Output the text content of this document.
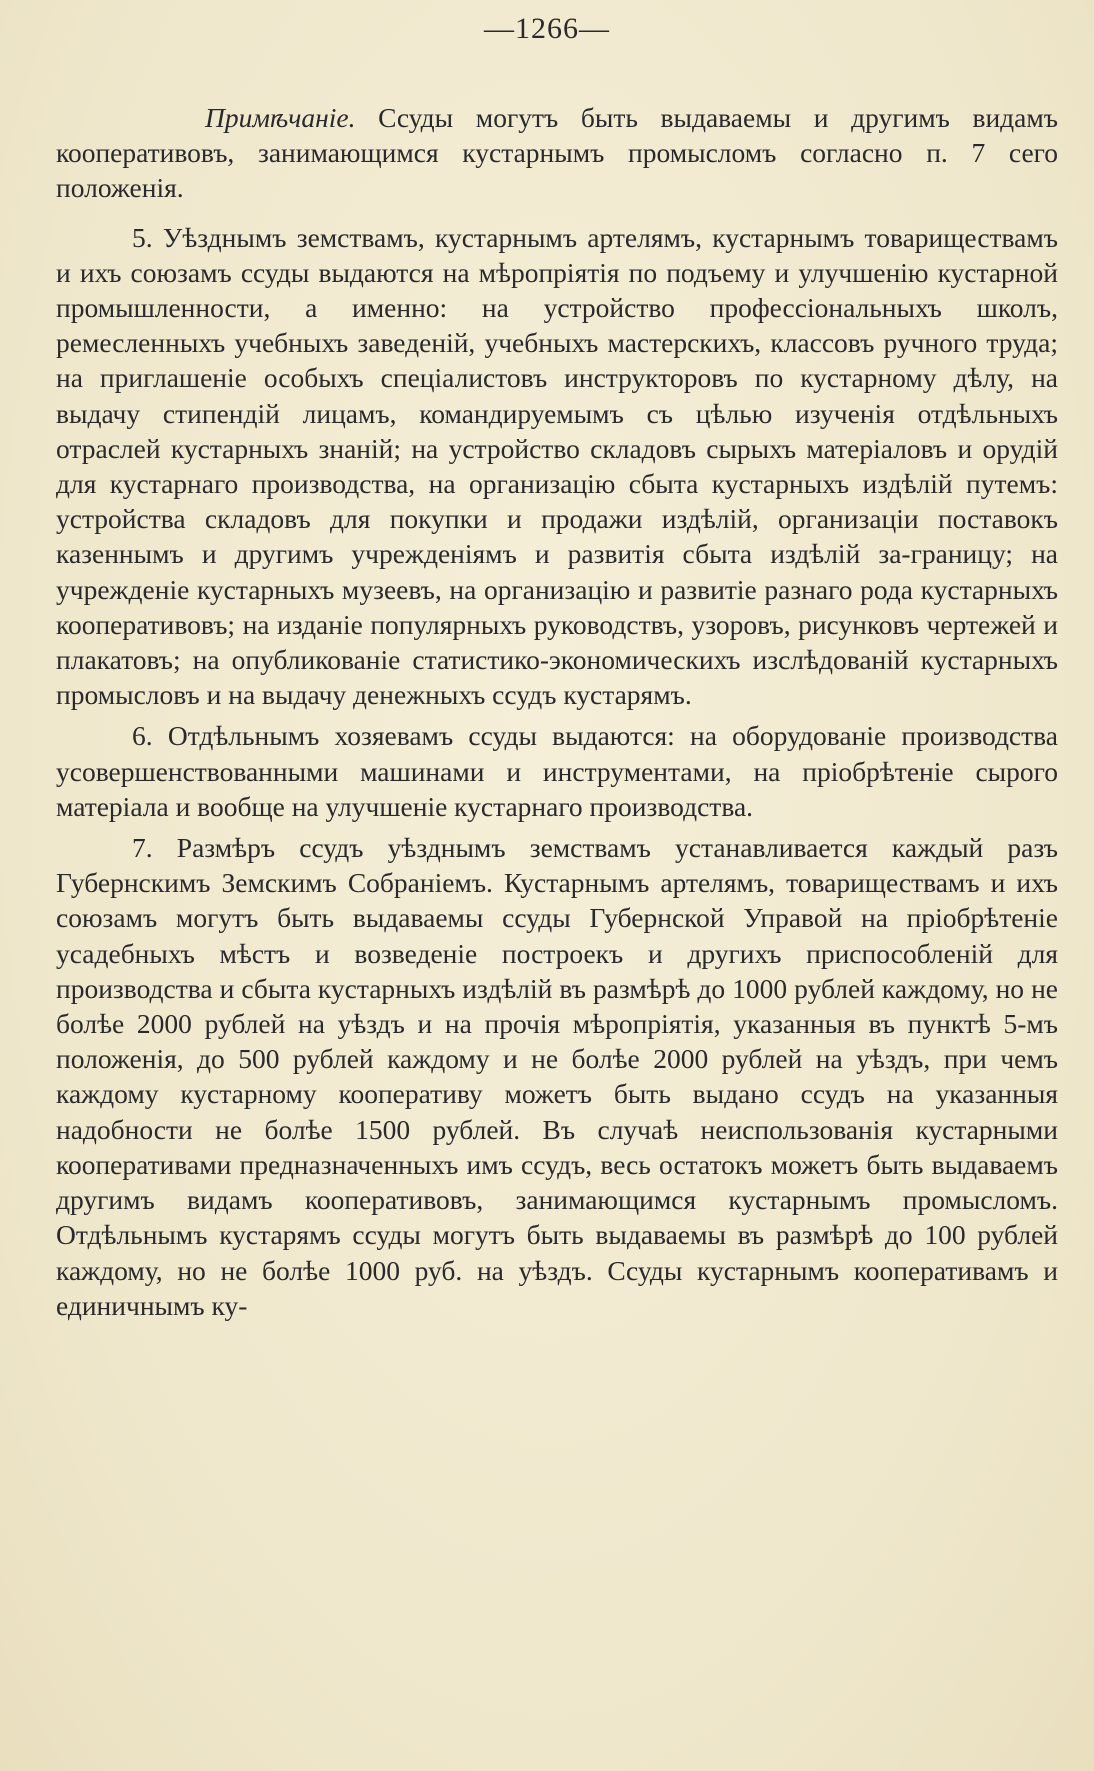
—1266—

Примѣчаніе. Ссуды могутъ быть выдаваемы и другимъ видамъ кооперативовъ, занимающимся кустарнымъ промысломъ согласно п. 7 сего положенія.

5. Уѣзднымъ земствамъ, кустарнымъ артелямъ, кустарнымъ товариществамъ и ихъ союзамъ ссуды выдаются на мѣропріятія по подъему и улучшенію кустарной промышленности, а именно: на устройство профессіональныхъ школъ, ремесленныхъ учебныхъ заведеній, учебныхъ мастерскихъ, классовъ ручного труда; на приглашеніе особыхъ спеціалистовъ инструкторовъ по кустарному дѣлу, на выдачу стипендій лицамъ, командируемымъ съ цѣлью изученія отдѣльныхъ отраслей кустарныхъ знаній; на устройство складовъ сырыхъ матеріаловъ и орудій для кустарнаго производства, на организацію сбыта кустарныхъ издѣлій путемъ: устройства складовъ для покупки и продажи издѣлій, организаціи поставокъ казеннымъ и другимъ учрежденіямъ и развитія сбыта издѣлій за-границу; на учрежденіе кустарныхъ музеевъ, на организацію и развитіе разнаго рода кустарныхъ кооперативовъ; на изданіе популярныхъ руководствъ, узоровъ, рисунковъ чертежей и плакатовъ; на опубликованіе статистико-экономическихъ изслѣдованій кустарныхъ промысловъ и на выдачу денежныхъ ссудъ кустарямъ.

6. Отдѣльнымъ хозяевамъ ссуды выдаются: на оборудованіе производства усовершенствованными машинами и инструментами, на пріобрѣтеніе сырого матеріала и вообще на улучшеніе кустарнаго производства.

7. Размѣръ ссудъ уѣзднымъ земствамъ устанавливается каждый разъ Губернскимъ Земскимъ Собраніемъ. Кустарнымъ артелямъ, товариществамъ и ихъ союзамъ могутъ быть выдаваемы ссуды Губернской Управой на пріобрѣтеніе усадебныхъ мѣстъ и возведеніе построекъ и другихъ приспособленій для производства и сбыта кустарныхъ издѣлій въ размѣрѣ до 1000 рублей каждому, но не болѣе 2000 рублей на уѣздъ и на прочія мѣропріятія, указанныя въ пунктѣ 5-мъ положенія, до 500 рублей каждому и не болѣе 2000 рублей на уѣздъ, при чемъ каждому кустарному кооперативу можетъ быть выдано ссудъ на указанныя надобности не болѣе 1500 рублей. Въ случаѣ неиспользованія кустарными кооперативами предназначенныхъ имъ ссудъ, весь остатокъ можетъ быть выдаваемъ другимъ видамъ кооперативовъ, занимающимся кустарнымъ промысломъ. Отдѣльнымъ кустарямъ ссуды могутъ быть выдаваемы въ размѣрѣ до 100 рублей каждому, но не болѣе 1000 руб. на уѣздъ. Ссуды кустарнымъ кооперативамъ и единичнымъ ку-
